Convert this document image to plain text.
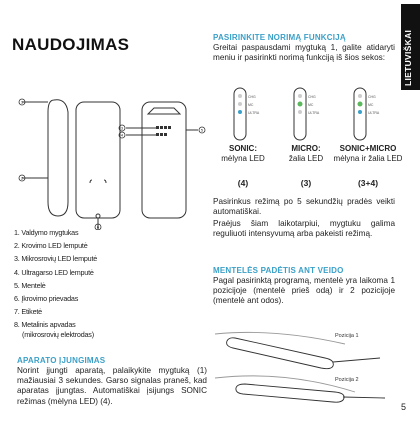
LIETUVIŠKAI
NAUDOJIMAS
1
2
3
4
5
6
1. Valdymo mygtukas
2. Krovimo LED lemputė
3. Mikrosrovių LED lemputė
4. Ultragarso LED lemputė
5. Mentelė
6. Įkrovimo prievadas
7. Etiketė
8. Metalinis apvadas
(mikrosrovių elektrodas)
APARATO ĮJUNGIMAS
Norint įjungti aparatą, palaikykite mygtuką (1) mažiausiai 3 sekundes. Garso signalas praneš, kad aparatas įjungtas. Automatiškai įsijungs SONIC režimas (mėlyna LED) (4).
PASIRINKITE NORIMĄ FUNKCIJĄ
Greitai paspausdami mygtuką 1, galite atidaryti meniu ir pasirinkti norimą funkciją iš šios sekos:
CHG
MC
ULTRA
CHG
MC
ULTRA
CHG
MC
ULTRA
SONIC:
mėlyna LED
MICRO:
žalia LED
SONIC+MICRO
mėlyna ir žalia LED
(4)	(3)	(3+4)
Pasirinkus režimą po 5 sekundžių pradės veikti automatiškai.
Praėjus šiam laikotarpiui, mygtuku galima reguliuoti intensyvumą arba pakeisti režimą.
MENTELĖS PADĖTIS ANT VEIDO
Pagal pasirinktą programą, mentelė yra laikoma 1 pozicijoje (mentelė prieš odą) ir 2 pozicijoje (mentelė ant odos).
Pozicija 1
Pozicija 2
5
